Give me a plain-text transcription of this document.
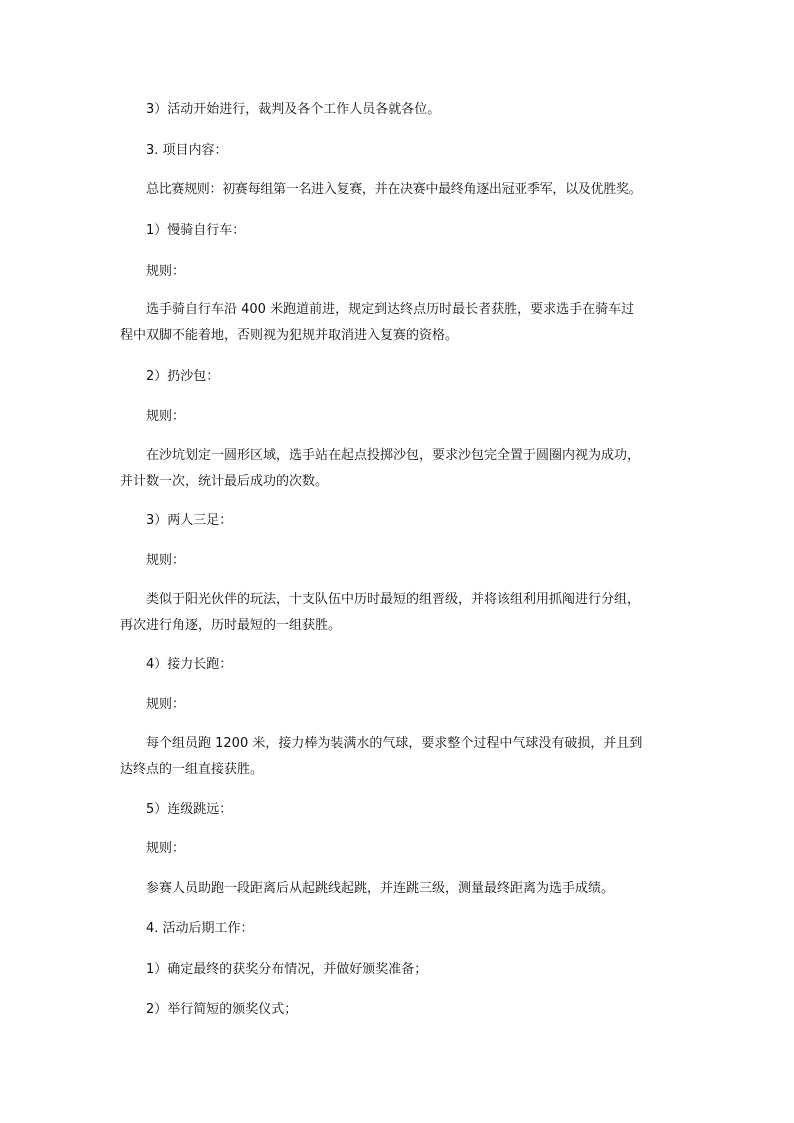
3）活动开始进行，裁判及各个工作人员各就各位。

3. 项目内容：

总比赛规则：初赛每组第一名进入复赛，并在决赛中最终角逐出冠亚季军，以及优胜奖。

1）慢骑自行车：

规则：

选手骑自行车沿 400 米跑道前进，规定到达终点历时最长者获胜，要求选手在骑车过
程中双脚不能着地，否则视为犯规并取消进入复赛的资格。

2）扔沙包：

规则：

在沙坑划定一圆形区域，选手站在起点投掷沙包，要求沙包完全置于圆圈内视为成功，
并计数一次，统计最后成功的次数。

3）两人三足：

规则：

类似于阳光伙伴的玩法，十支队伍中历时最短的组晋级，并将该组利用抓阄进行分组，
再次进行角逐，历时最短的一组获胜。

4）接力长跑：

规则：

每个组员跑 1200 米，接力棒为装满水的气球，要求整个过程中气球没有破损，并且到
达终点的一组直接获胜。

5）连级跳远：

规则：

参赛人员助跑一段距离后从起跳线起跳，并连跳三级，测量最终距离为选手成绩。

4. 活动后期工作：

1）确定最终的获奖分布情况，并做好颁奖准备；

2）举行简短的颁奖仪式；
